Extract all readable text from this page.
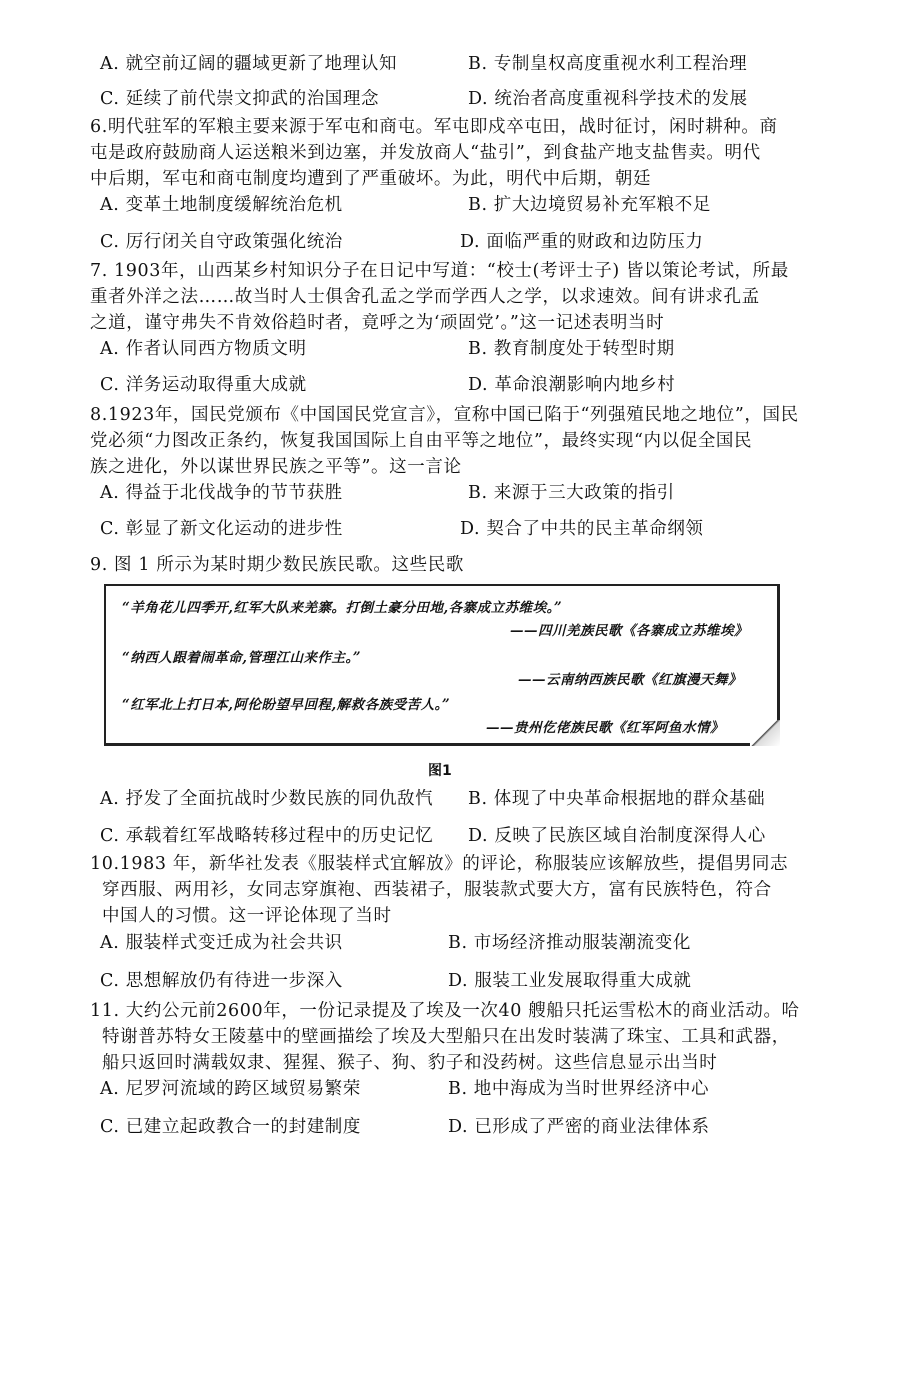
A. 就空前辽阔的疆域更新了地理认知	B. 专制皇权高度重视水利工程治理
C. 延续了前代崇文抑武的治国理念	D. 统治者高度重视科学技术的发展
6.明代驻军的军粮主要来源于军屯和商屯。军屯即戍卒屯田，战时征讨，闲时耕种。商
屯是政府鼓励商人运送粮米到边塞，并发放商人“盐引”，到食盐产地支盐售卖。明代
中后期，军屯和商屯制度均遭到了严重破坏。为此，明代中后期，朝廷
A. 变革土地制度缓解统治危机	B. 扩大边境贸易补充军粮不足
C. 厉行闭关自守政策强化统治	D. 面临严重的财政和边防压力
7. 1903年，山西某乡村知识分子在日记中写道：“校士(考评士子) 皆以策论考试，所最
重者外洋之法……故当时人士俱舍孔孟之学而学西人之学，以求速效。间有讲求孔孟
之道，谨守弗失不肯效俗趋时者，竟呼之为‘顽固党’。”这一记述表明当时
A. 作者认同西方物质文明	B. 教育制度处于转型时期
C. 洋务运动取得重大成就	D. 革命浪潮影响内地乡村
8.1923年，国民党颁布《中国国民党宣言》，宣称中国已陷于“列强殖民地之地位”，国民
党必须“力图改正条约，恢复我国国际上自由平等之地位”，最终实现“内以促全国民
族之进化，外以谋世界民族之平等”。这一言论
A. 得益于北伐战争的节节获胜	B. 来源于三大政策的指引
C. 彰显了新文化运动的进步性	D. 契合了中共的民主革命纲领
9. 图 1 所示为某时期少数民族民歌。这些民歌
“羊角花儿四季开,红军大队来羌寨。打倒土豪分田地,各寨成立苏维埃。”
——四川羌族民歌《各寨成立苏维埃》
“纳西人跟着闹革命,管理江山来作主。”
——云南纳西族民歌《红旗漫天舞》
“红军北上打日本,阿伦盼望早回程,解救各族受苦人。”
——贵州仡佬族民歌《红军阿鱼水情》
图1
A. 抒发了全面抗战时少数民族的同仇敌忾 B. 体现了中央革命根据地的群众基础
C. 承载着红军战略转移过程中的历史记忆 D. 反映了民族区域自治制度深得人心
10.1983 年，新华社发表《服装样式宜解放》的评论，称服装应该解放些，提倡男同志
穿西服、两用衫，女同志穿旗袍、西装裙子，服装款式要大方，富有民族特色，符合
中国人的习惯。这一评论体现了当时
A. 服装样式变迁成为社会共识	B. 市场经济推动服装潮流变化
C. 思想解放仍有待进一步深入	D. 服装工业发展取得重大成就
11. 大约公元前2600年，一份记录提及了埃及一次40 艘船只托运雪松木的商业活动。哈
特谢普苏特女王陵墓中的壁画描绘了埃及大型船只在出发时装满了珠宝、工具和武器，
船只返回时满载奴隶、猩猩、猴子、狗、豹子和没药树。这些信息显示出当时
A. 尼罗河流域的跨区域贸易繁荣	B. 地中海成为当时世界经济中心
C. 已建立起政教合一的封建制度	D. 已形成了严密的商业法律体系
